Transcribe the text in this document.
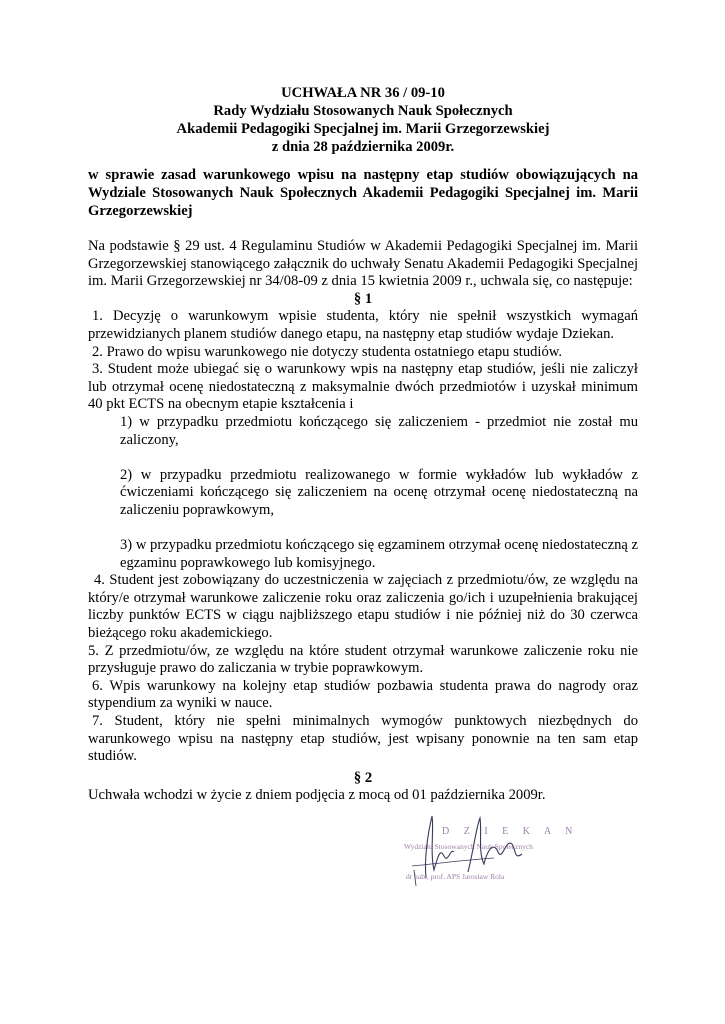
UCHWAŁA NR 36 / 09-10
Rady Wydziału Stosowanych Nauk Społecznych
Akademii Pedagogiki Specjalnej im. Marii Grzegorzewskiej
z dnia 28 października 2009r.
w sprawie zasad warunkowego wpisu na następny etap studiów obowiązujących na Wydziale Stosowanych Nauk Społecznych Akademii Pedagogiki Specjalnej im. Marii Grzegorzewskiej
Na podstawie § 29 ust. 4 Regulaminu Studiów w Akademii Pedagogiki Specjalnej im. Marii Grzegorzewskiej stanowiącego załącznik do uchwały Senatu Akademii Pedagogiki Specjalnej im. Marii Grzegorzewskiej nr 34/08-09 z dnia 15 kwietnia 2009 r., uchwala się, co następuje:
§ 1
1. Decyzję o warunkowym wpisie studenta, który nie spełnił wszystkich wymagań przewidzianych planem studiów danego etapu, na następny etap studiów wydaje Dziekan.
2. Prawo do wpisu warunkowego nie dotyczy studenta ostatniego etapu studiów.
3. Student może ubiegać się o warunkowy wpis na następny etap studiów, jeśli nie zaliczył lub otrzymał ocenę niedostateczną z maksymalnie dwóch przedmiotów i uzyskał minimum 40 pkt ECTS na obecnym etapie kształcenia i
1) w przypadku przedmiotu kończącego się zaliczeniem - przedmiot nie został mu zaliczony,
2) w przypadku przedmiotu realizowanego w formie wykładów lub wykładów z ćwiczeniami kończącego się zaliczeniem na ocenę otrzymał ocenę niedostateczną na zaliczeniu poprawkowym,
3) w przypadku przedmiotu kończącego się egzaminem otrzymał ocenę niedostateczną z egzaminu poprawkowego lub komisyjnego.
4. Student jest zobowiązany do uczestniczenia w zajęciach z przedmiotu/ów, ze względu na który/e otrzymał warunkowe zaliczenie roku oraz zaliczenia go/ich i uzupełnienia brakującej liczby punktów ECTS w ciągu najbliższego etapu studiów i nie później niż do 30 czerwca bieżącego roku akademickiego.
5. Z przedmiotu/ów, ze względu na które student otrzymał warunkowe zaliczenie roku nie przysługuje prawo do zaliczania w trybie poprawkowym.
6. Wpis warunkowy na kolejny etap studiów pozbawia studenta prawa do nagrody oraz stypendium za wyniki w nauce.
7. Student, który nie spełni minimalnych wymogów punktowych niezbędnych do warunkowego wpisu na następny etap studiów, jest wpisany ponownie na ten sam etap studiów.
§ 2
Uchwała wchodzi w życie z dniem podjęcia z mocą od 01 października 2009r.
D Z I E K A N
Wydziału Stosowanych Nauk Społecznych
dr hab., prof. APS Jarosław Rola
